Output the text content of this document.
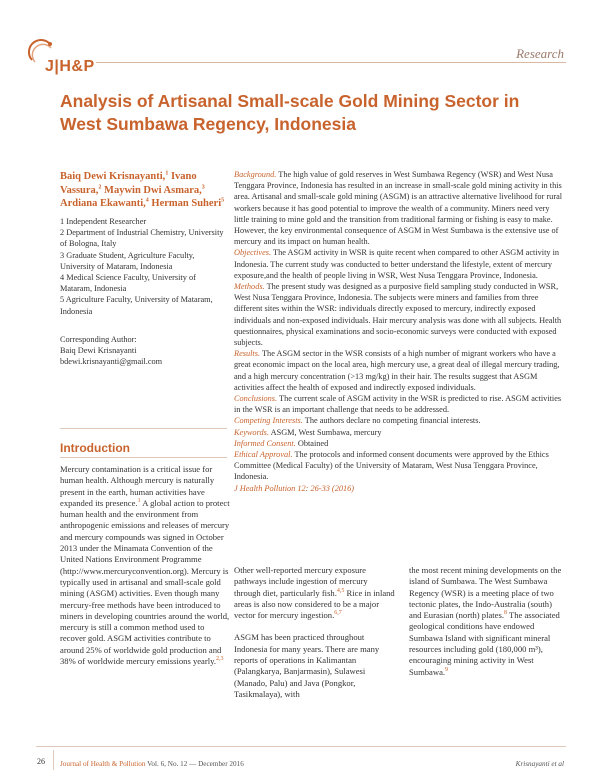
J|H&P
Research
Analysis of Artisanal Small-scale Gold Mining Sector in West Sumbawa Regency, Indonesia
Baiq Dewi Krisnayanti,$^1$ Ivano Vassura,$^2$ Maywin Dwi Asmara,$^3$ Ardiana Ekawanti,$^4$ Herman Suheri$^5$
1 Independent Researcher
2 Department of Industrial Chemistry, University of Bologna, Italy
3 Graduate Student, Agriculture Faculty, University of Mataram, Indonesia
4 Medical Science Faculty, University of Mataram, Indonesia
5 Agriculture Faculty, University of Mataram, Indonesia
Corresponding Author:
Baiq Dewi Krisnayanti
bdewi.krisnayanti@gmail.com

Background. The high value of gold reserves in West Sumbawa Regency (WSR) and West Nusa Tenggara Province, Indonesia has resulted in an increase in small-scale gold mining activity in this area. Artisanal and small-scale gold mining (ASGM) is an attractive alternative livelihood for rural workers because it has good potential to improve the wealth of a community. Miners need very little training to mine gold and the transition from traditional farming or fishing is easy to make. However, the key environmental consequence of ASGM in West Sumbawa is the extensive use of mercury and its impact on human health.

Objectives. The ASGM activity in WSR is quite recent when compared to other ASGM activity in Indonesia. The current study was conducted to better understand the lifestyle, extent of mercury exposure,and the health of people living in WSR, West Nusa Tenggara Province, Indonesia.

Methods. The present study was designed as a purposive field sampling study conducted in WSR, West Nusa Tenggara Province, Indonesia. The subjects were miners and families from three different sites within the WSR: individuals directly exposed to mercury, indirectly exposed individuals and non-exposed individuals. Hair mercury analysis was done with all subjects. Health questionnaires, physical examinations and socio-economic surveys were conducted with exposed subjects.

Results. The ASGM sector in the WSR consists of a high number of migrant workers who have a great economic impact on the local area, high mercury use, a great deal of illegal mercury trading, and a high mercury concentration (>13 mg/kg) in their hair. The results suggest that ASGM activities affect the health of exposed and indirectly exposed individuals.

Conclusions. The current scale of ASGM activity in the WSR is predicted to rise. ASGM activities in the WSR is an important challenge that needs to be addressed.

Competing Interests. The authors declare no competing financial interests.

Keywords. ASGM, West Sumbawa, mercury

Informed Consent. Obtained

Ethical Approval. The protocols and informed consent documents were approved by the Ethics Committee (Medical Faculty) of the University of Mataram, West Nusa Tenggara Province, Indonesia.

J Health Pollution 12: 26-33 (2016)

Introduction

Mercury contamination is a critical issue for human health. Although mercury is naturally present in the earth, human activities have expanded its presence.$^1$ A global action to protect human health and the environment from anthropogenic emissions and releases of mercury and mercury compounds was signed in October 2013 under the Minamata Convention of the United Nations Environment Programme (http://www.mercuryconvention.org). Mercury is typically used in artisanal and small-scale gold mining (ASGM) activities. Even though many mercury-free methods have been introduced to miners in developing countries around the world, mercury is still a common method used to recover gold. ASGM activities contribute to around 25% of worldwide gold production and 38% of worldwide mercury emissions yearly.$^{2,3}$

Other well-reported mercury exposure pathways include ingestion of mercury through diet, particularly fish.$^{4,5}$ Rice in inland areas is also now considered to be a major vector for mercury ingestion.$^{6,7}$

ASGM has been practiced throughout Indonesia for many years. There are many reports of operations in Kalimantan (Palangkarya, Banjarmasin), Sulawesi (Manado, Palu) and Java (Pongkor, Tasikmalaya), with

the most recent mining developments on the island of Sumbawa. The West Sumbawa Regency (WSR) is a meeting place of two tectonic plates, the Indo-Australia (south) and Eurasian (north) plates.$^8$ The associated geological conditions have endowed Sumbawa Island with significant mineral resources including gold (180,000 m³), encouraging mining activity in West Sumbawa.$^9$

26 Journal of Health & Pollution Vol. 6, No. 12 — December 2016	Krisnayanti et al
